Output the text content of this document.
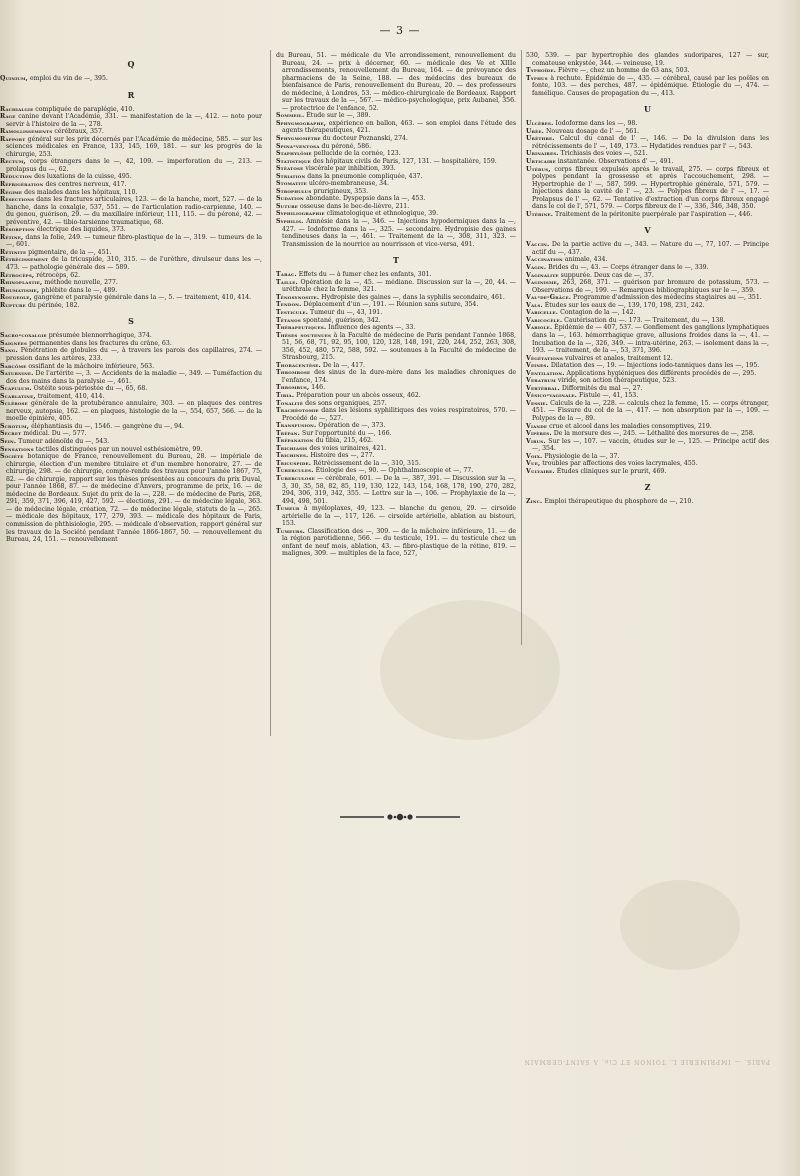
— 3 —
Q

Quinium, emploi du vin de —, 395.

R

Rachialgie compliquée de paraplégie, 410.

Rage canine devant l'Académie, 331. — manifestation de la —, 412. — note pour servir à l'histoire de la —, 278.

Ramollissements cérébraux, 357.

Rapport général sur les prix décernés par l'Académie de médecine, 585. — sur les sciences médicales en France, 133, 145, 169, 181. — sur les progrès de la chirurgie, 253.

Rectum, corps étrangers dans le —, 42, 109. — imperforation du —, 213. — prolapsus du —, 62.

Réduction des luxations de la cuisse, 495.

Réfrigération des centres nerveux, 417.

Régime des malades dans les hôpitaux, 110.

Résections dans les fractures articulaires, 123. — de la hanche, mort, 527. — de la hanche, dans la coxalgie, 537, 551. — de l'articulation radio-carpienne, 140. — du genou, guérison, 29. — du maxillaire inférieur, 111, 115. — du péroné, 42. — préventive, 42. — tibio-tarsienne traumatique, 68.

Résorption électrique des liquides, 373.

Rétine, dans la folie, 249. — tumeur fibro-plastique de la —, 319. — tumeurs de la —, 601.

Rétinite pigmentaire, de la —, 451.

Rétrécissement de la tricuspide, 310, 315. — de l'urèthre, divulseur dans les —, 473. — pathologie générale des — 589.

Rétrocèps, rétrocèps, 62.

Rhinoplastie, méthode nouvelle, 277.

Rhumatisme, phlébite dans le —, 489.

Rougeole, gangrène et paralysie générale dans la —, 5. — traitement, 410, 414.

Rupture du périnée, 182.

S

Sacro-coxalgie présumée blennorrhagique, 374.

Saignées permanentes dans les fractures du crâne, 63.

Sang. Pénétration de globules du —, à travers les parois des capillaires, 274. — pression dans les artères, 233.

Sarcôme ossifiant de la mâchoire inférieure, 563.

Saturnine. De l'artérite —, 3. — Accidents de la maladie —, 349. — Tuméfaction du dos des mains dans la paralysie —, 461.

Scapulum. Ostéite sous-périostée du —, 65, 68.

Scarlatine, traitement, 410, 414.

Sclérose générale de la protubérance annulaire, 303. — en plaques des centres nerveux, autopsie, 162. — en plaques, histologie de la —, 554, 657, 566. — de la moelle épinière, 405.

Scrotum, éléphantiasis du —, 1546. — gangrène du —, 94.

Secret médical. Du —, 577.

Sein. Tumeur adénoïde du —, 543.

Sensations tactiles distinguées par un nouvel esthésiomètre, 99.

Société botanique de France, renouvellement du Bureau, 28. — impériale de chirurgie, élection d'un membre titulaire et d'un membre honoraire, 27. — de chirurgie, 298. — de chirurgie, compte-rendu des travaux pour l'année 1867, 75, 82. — de chirurgie, rapport sur les thèses présentées au concours du prix Duval, pour l'année 1868, 87. — de médecine d'Anvers, programme de prix, 16. — de médecine de Bordeaux. Sujet du prix de la —, 228. — de médecine de Paris, 268, 291, 359, 371, 396, 419, 427, 592. — élections, 291. — de médecine légale, 363. — de médecine légale, création, 72. — de médecine légale, statuts de la —, 265. — médicale des hôpitaux, 177, 279, 393. — médicale des hôpitaux de Paris, commission de phthisiologie, 295. — médicale d'observation, rapport général sur les travaux de la Société pendant l'année 1866-1867, 50. — renouvellement du Bureau, 24, 151. — renouvellement

du Bureau, 51. — médicale du VIe arrondissement, renouvellement du Bureau, 24. — prix à décerner, 60. — médicale des Ve et XIIIe arrondissements, renouvellement du Bureau, 164. — de prévoyance des pharmaciens de la Seine, 188. — des médecins des bureaux de bienfaisance de Paris, renouvellement du Bureau, 20. — des professeurs de médecine, à Londres, 53. — médico-chirurgicale de Bordeaux. Rapport sur les travaux de la —, 567. — médico-psychologique, prix Aubanel, 356. — protectrice de l'enfance, 52.

Sommeil. Étude sur le —, 389.

Sphygmographe, expérience en ballon, 463. — son emploi dans l'étude des agents thérapeutiques, 421.

Sphygmomètre du docteur Poznanski, 274.

Spina-ventosa du péroné, 586.

Staphylôme pellucide de la cornée, 123.

Statistique des hôpitaux civils de Paris, 127, 131. — hospitalière, 159.

Stéatose viscérale par inhibition, 393.

Striation dans la pneumonie compliquée, 437.

Stomatite ulcéro-membraneuse, 34.

Strophulus prurigineux, 353.

Sudation abondante. Dyspepsie dans la —, 453.

Suture osseuse dans le bec-de-lièvre, 211.

Syphiliographie climatologique et ethnologique, 39.

Syphilis. Amnésie dans la —, 346. — Injections hypodermiques dans la —, 427. — Iodoforme dans la —, 325. — secondaire. Hydropisie des gaines tendineuses dans la —, 461. — Traitement de la —, 308, 311, 323. — Transmission de la nourrice au nourrisson et vice-versa, 491.

T

Tabac. Effets du — à fumer chez les enfants, 301.

Taille. Opération de la —, 45. — médiane. Discussion sur la —, 20, 44. — uréthrale chez la femme, 321.

Ténosynosite. Hydropisie des gaines —, dans la syphilis secondaire, 461.

Tendon. Déplacement d'un —, 191. — Réunion sans suture, 354.

Testicule. Tumeur du —, 43, 191.

Tétanos spontané, guérison, 342.

Thérapeutiques. Influence des agents —, 33.

Thèses soutenues à la Faculté de médecine de Paris pendant l'année 1868, 51, 56, 68, 71, 92, 95, 100, 120, 128, 148, 191, 220, 244, 252, 263, 308, 356, 452, 480, 572, 588, 592. — soutenues à la Faculté de médecine de Strasbourg, 215.

Thoracentèse. De la —, 417.

Thrombose des sinus de la dure-mère dans les maladies chroniques de l'enfance, 174.

Thrombus, 146.

Tibia. Préparation pour un abcès osseux, 462.

Tonalité des sons organiques, 257.

Trachéotomie dans les lésions syphilitiques des voies respiratoires, 570. — Procédé de —, 527.

Transfusion. Opération de —, 373.

Trépan. Sur l'opportunité du —, 166.

Trépanation du tibia, 215, 462.

Trichiasis des voies urinaires, 421.

Trichines. Histoire des —, 277.

Tricuspide. Rétrécissement de la —, 310, 315.

Tubercules. Étiologie des —, 90. — Ophthalmoscopie et —, 77.

Tuberculose — cérébrale, 601. — De la —, 387, 391. — Discussion sur la —, 3, 30, 35, 58, 82, 85, 119, 130, 122, 143, 154, 168, 178, 190, 270, 282, 294, 306, 319, 342, 355. — Lettre sur la —, 106. — Prophylaxie de la —, 494, 498, 501.

Tumeur à myéloplaxes, 49, 123. — blanche du genou, 29. — cirsoïde artérielle de la —, 117, 126. — cirsoïde artérielle, ablation au bistouri, 153.

Tumeurs. Classification des —, 309. — de la mâchoire inférieure, 11. — de la région parotidienne, 566. — du testicule, 191. — du testicule chez un enfant de neuf mois, ablation, 43. — fibro-plastique de la rétine, 819. — malignes, 309. — multiples de la face, 527,

530, 539. — par hypertrophie des glandes sudoripares, 127 — sur, comateuse enkystée, 344. — veineuse, 19.

Typhoïde. Fièvre —, chez un homme de 63 ans, 503.

Typhus à rechute. Épidémie de —, 435. — cérébral, causé par les poêles en fonte, 103. — des perches, 487. — épidémique. Étiologie du —, 474. — famélique. Causes de propagation du —, 413.

U

Ulcères. Iodoforme dans les —, 98.

Urée. Nouveau dosage de l' —, 561.

Urèthre. Calcul du canal de l' —, 146. — De la divulsion dans les rétrécissements de l' —, 149, 173. — Hydatides rendues par l' —, 543.

Urinaires. Trichiasis des voies —, 521.

Urticaire instantanée. Observations d' —, 491.

Utérus, corps fibreux expulsés après le travail, 275. — corps fibreux et polypes pendant la grossesse et après l'accouchement, 298. — Hypertrophie de l' —, 587, 599. — Hypertrophie générale, 571, 579. — Injections dans la cavité de l' —, 23. — Polypes fibreux de l' —, 17. — Prolapsus de l' —, 62. — Tentative d'extraction d'un corps fibreux engagé dans le col de l', 571, 579. — Corps fibreux de l' —, 336, 346, 348, 350.

Utérine. Traitement de la péritonite puerpérale par l'aspiration —, 446.

V

Vaccin. De la partie active du —, 343. — Nature du —, 77, 107. — Principe actif du —, 437.

Vaccination animale, 434.

Vagin. Brides du —, 43. — Corps étranger dans le —, 339.

Vaginalite suppurée. Deux cas de —, 37.

Vaginisme, 263, 268, 371. — guérison par bromure de potassium, 573. — Observations de —, 199. — Remarques bibliographiques sur le —, 359.

Val-de-Grâce. Programme d'admission des médecins stagiaires au —, 351.

Vals. Études sur les eaux de —, 139, 170, 198, 231, 242.

Varicelle. Contagion de la —, 142.

Varicocèle. Cautérisation du —. 173. — Traitement, du —, 138.

Variole. Épidémie de — 407, 537. — Gonflement des ganglions lymphatiques dans la —, 163. hémorrhagique grave, allusions froides dans la —, 41. — Incubation de la —, 326, 349. — intra-utérine, 263. — isolement dans la —, 193. — traitement, de la —, 53, 371, 396.

Végétations vulvaires et anales, traitement 12.

Veines. Dilatation des —, 19. — Injections iodo-tanniques dans les —, 195.

Ventilation. Applications hygiéniques des différents procédés de —, 295.

Veratrum viride, son action thérapeutique, 523.

Vertébral. Difformités du mal —, 27.

Vésico-vaginale. Fistule —, 41, 153.

Vessie. Calculs de la —, 228. — calculs chez la femme, 15. — corps étranger, 451. — Fissure du col de la —, 417. — non absorption par la —, 109. — Polypes de la —, 89.

Viande crue et alcool dans les maladies consomptives, 219.

Vipères. De la morsure des —, 245. — Léthalité des morsures de —, 258.

Virus. Sur les —, 107. — vaccin, études sur le —, 125. — Principe actif des —, 354.

Voix. Physiologie de la —, 37.

Vue, troubles par affections des voies lacrymales, 455.

Vulvaire. Études cliniques sur le prurit, 469.

Z

Zinc. Emploi thérapeutique du phosphore de —, 210.

PARIS. — IMPRIMERIE L. TOINON ET Cie, A SAINT-GERMAIN
